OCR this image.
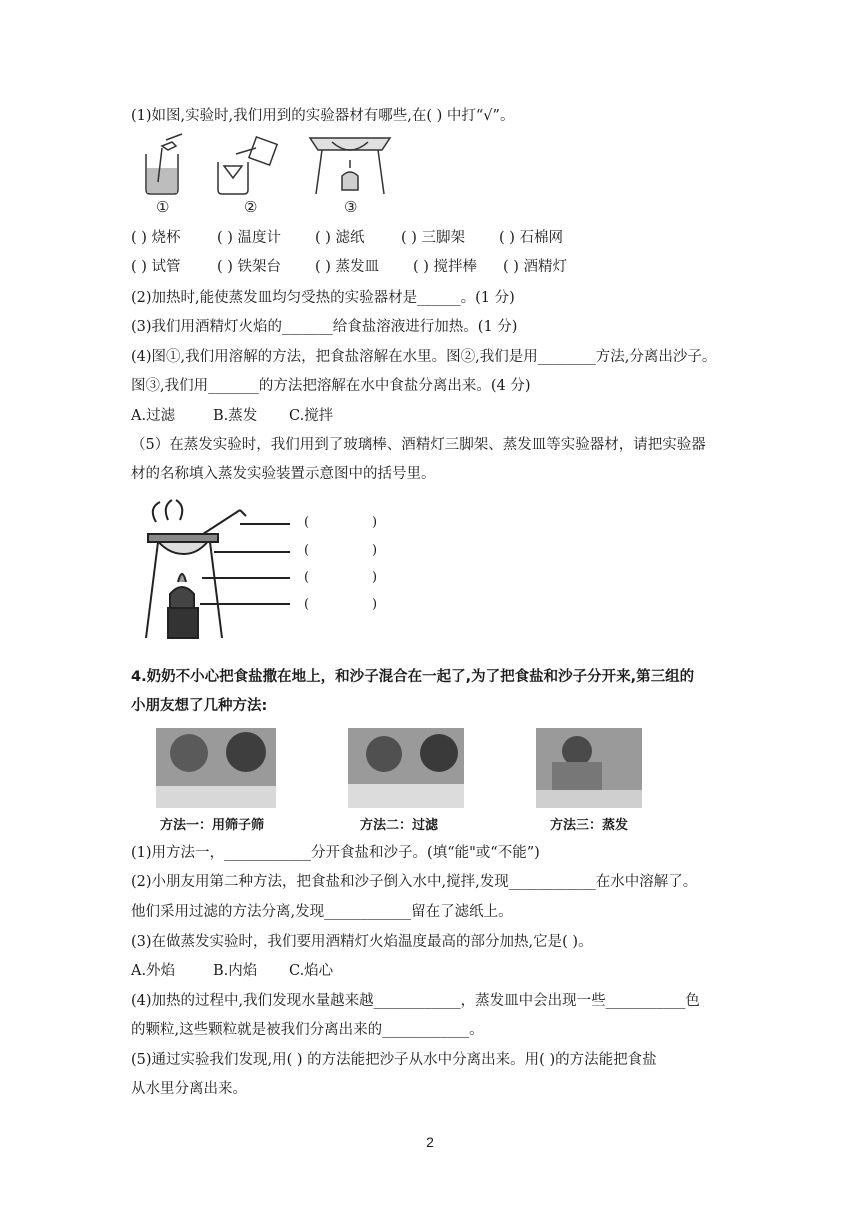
(1)如图,实验时,我们用到的实验器材有哪些,在( ) 中打“√”。
①	②	③
( ) 烧杯	( ) 温度计 ( ) 滤纸	( ) 三脚架 ( ) 石棉网
( ) 试管	( ) 铁架台 ( ) 蒸发皿 ( ) 搅拌棒 ( ) 酒精灯
(2)加热时,能使蒸发皿均匀受热的实验器材是______。(1 分)
(3)我们用酒精灯火焰的_______给食盐溶液进行加热。(1 分)
(4)图①,我们用溶解的方法，把食盐溶解在水里。图②,我们是用________方法,分离出沙子。
图③,我们用_______的方法把溶解在水中食盐分离出来。(4 分)
A.过滤	B.蒸发 C.搅拌
（5）在蒸发实验时，我们用到了玻璃棒、酒精灯三脚架、蒸发皿等实验器材，请把实验器
材的名称填入蒸发实验装置示意图中的括号里。
(	)
(	)
(	)
(	)
4.奶奶不小心把食盐撒在地上，和沙子混合在一起了,为了把食盐和沙子分开来,第三组的
小朋友想了几种方法:
方法一：用筛子筛	方法二：过滤	方法三：蒸发
(1)用方法一，____________分开食盐和沙子。(填“能"或“不能”)
(2)小朋友用第二种方法，把食盐和沙子倒入水中,搅拌,发现____________在水中溶解了。
他们采用过滤的方法分离,发现____________留在了滤纸上。
(3)在做蒸发实验时，我们要用酒精灯火焰温度最高的部分加热,它是( )。
A.外焰	B.内焰 C.焰心
(4)加热的过程中,我们发现水量越来越____________，蒸发皿中会出现一些___________色
的颗粒,这些颗粒就是被我们分离出来的____________。
(5)通过实验我们发现,用( ) 的方法能把沙子从水中分离出来。用( )的方法能把食盐
从水里分离出来。
2
